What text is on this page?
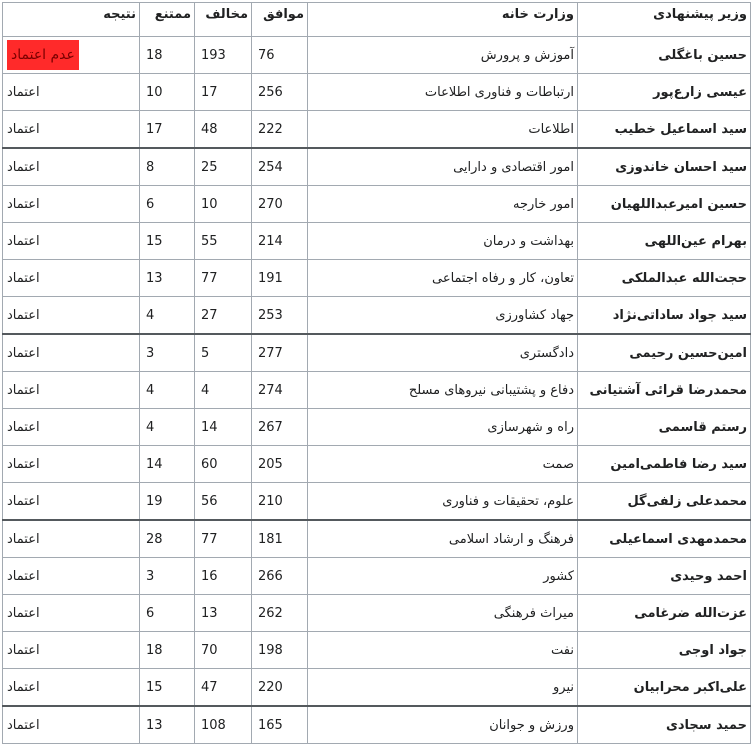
وزیر پیشنهادی	وزارت خانه	موافق	مخالف	ممتنع	نتیجه
حسین باغگلی	آموزش و پرورش	76	193	18	عدم اعتماد
عیسی زارع‌پور	ارتباطات و فناوری اطلاعات	256	17	10	اعتماد
سید اسماعیل خطیب	اطلاعات	222	48	17	اعتماد
سید احسان خاندوزی	امور اقتصادی و دارایی	254	25	8	اعتماد
حسین امیرعبداللهیان	امور خارجه	270	10	6	اعتماد
بهرام عین‌اللهی	بهداشت و درمان	214	55	15	اعتماد
حجت‌الله عبدالملکی	تعاون، کار و رفاه اجتماعی	191	77	13	اعتماد
سید جواد ساداتی‌نژاد	جهاد کشاورزی	253	27	4	اعتماد
امین‌حسین رحیمی	دادگستری	277	5	3	اعتماد
محمدرضا قرائی آشتیانی	دفاع و پشتیبانی نیروهای مسلح	274	4	4	اعتماد
رستم قاسمی	راه و شهرسازی	267	14	4	اعتماد
سید رضا فاطمی‌امین	صمت	205	60	14	اعتماد
محمدعلی زلفی‌گل	علوم، تحقیقات و فناوری	210	56	19	اعتماد
محمدمهدی اسماعیلی	فرهنگ و ارشاد اسلامی	181	77	28	اعتماد
احمد وحیدی	کشور	266	16	3	اعتماد
عزت‌الله ضرغامی	میراث فرهنگی	262	13	6	اعتماد
جواد اوجی	نفت	198	70	18	اعتماد
علی‌اکبر محرابیان	نیرو	220	47	15	اعتماد
حمید سجادی	ورزش و جوانان	165	108	13	اعتماد
